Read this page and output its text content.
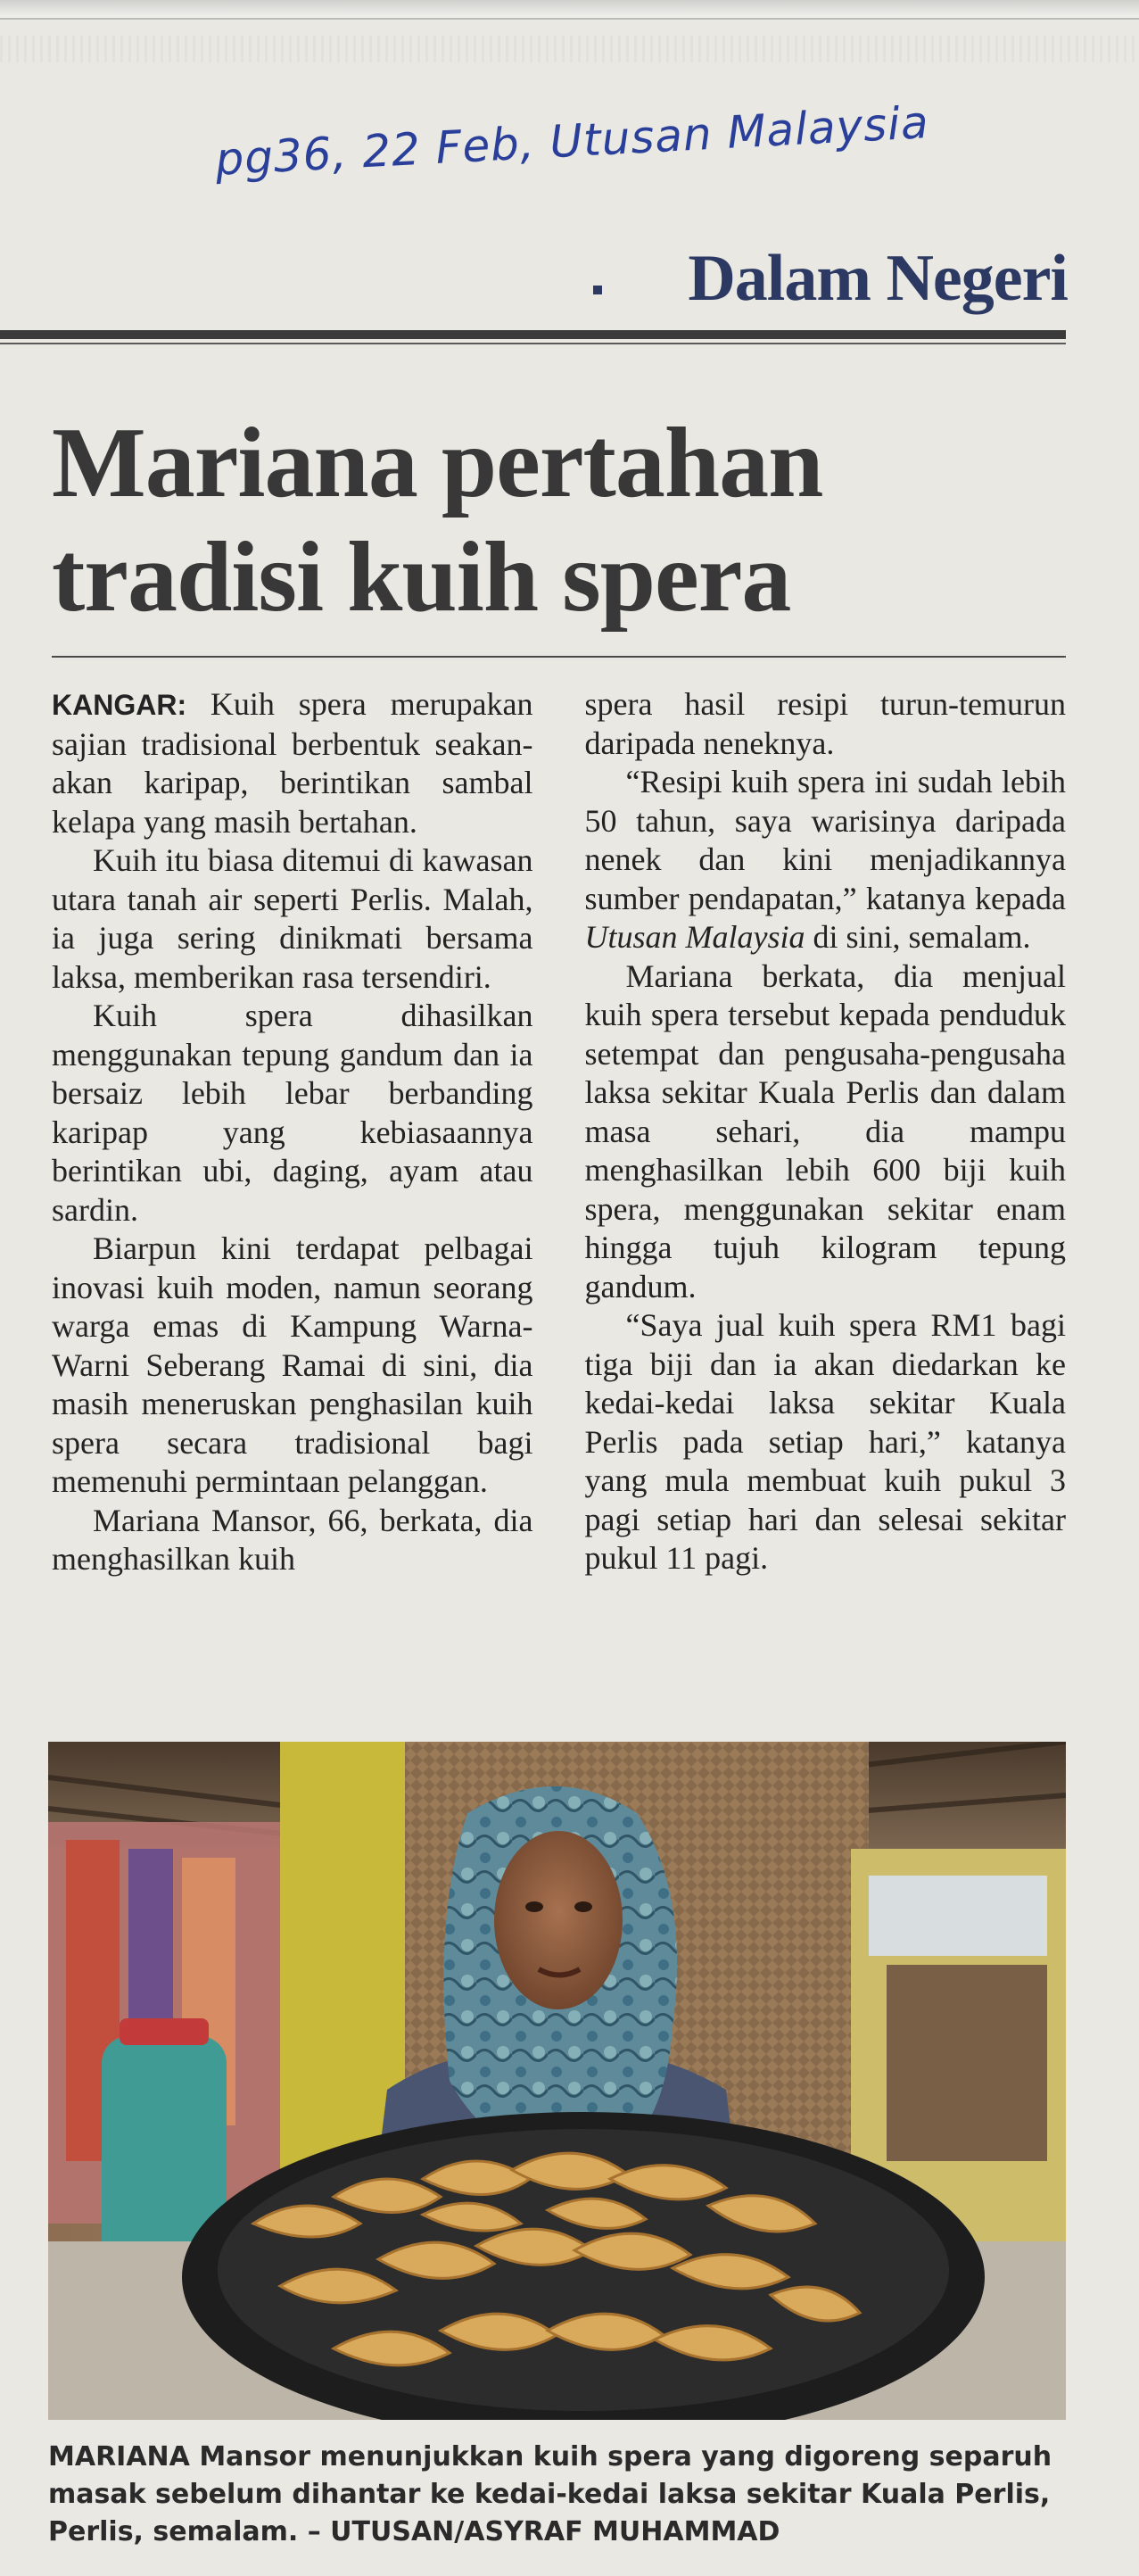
pg36, 22 Feb, Utusan Malaysia
Dalam Negeri
Mariana pertahan
tradisi kuih spera

KANGAR: Kuih spera merupakan sajian tradisional berbentuk seakan-akan karipap, berintikan sambal kelapa yang masih bertahan.

Kuih itu biasa ditemui di kawasan utara tanah air seperti Perlis. Malah, ia juga sering dinikmati bersama laksa, memberikan rasa tersendiri.

Kuih spera dihasilkan menggunakan tepung gandum dan ia bersaiz lebih lebar berbanding karipap yang kebiasaannya berintikan ubi, daging, ayam atau sardin.

Biarpun kini terdapat pelbagai inovasi kuih moden, namun seorang warga emas di Kampung Warna-Warni Seberang Ramai di sini, dia masih meneruskan penghasilan kuih spera secara tradisional bagi memenuhi permintaan pelanggan.

Mariana Mansor, 66, berkata, dia menghasilkan kuih

spera hasil resipi turun-temurun daripada neneknya.

“Resipi kuih spera ini sudah lebih 50 tahun, saya warisinya daripada nenek dan kini menjadikannya sumber pendapatan,” katanya kepada Utusan Malaysia di sini, semalam.

Mariana berkata, dia menjual kuih spera tersebut kepada penduduk setempat dan pengusaha-pengusaha laksa sekitar Kuala Perlis dan dalam masa sehari, dia mampu menghasilkan lebih 600 biji kuih spera, menggunakan sekitar enam hingga tujuh kilogram tepung gandum.

“Saya jual kuih spera RM1 bagi tiga biji dan ia akan diedarkan ke kedai-kedai laksa sekitar Kuala Perlis pada setiap hari,” katanya yang mula membuat kuih pukul 3 pagi setiap hari dan selesai sekitar pukul 11 pagi.

MARIANA Mansor menunjukkan kuih spera yang digoreng separuh masak sebelum dihantar ke kedai-kedai laksa sekitar Kuala Perlis, Perlis, semalam. – UTUSAN/ASYRAF MUHAMMAD
